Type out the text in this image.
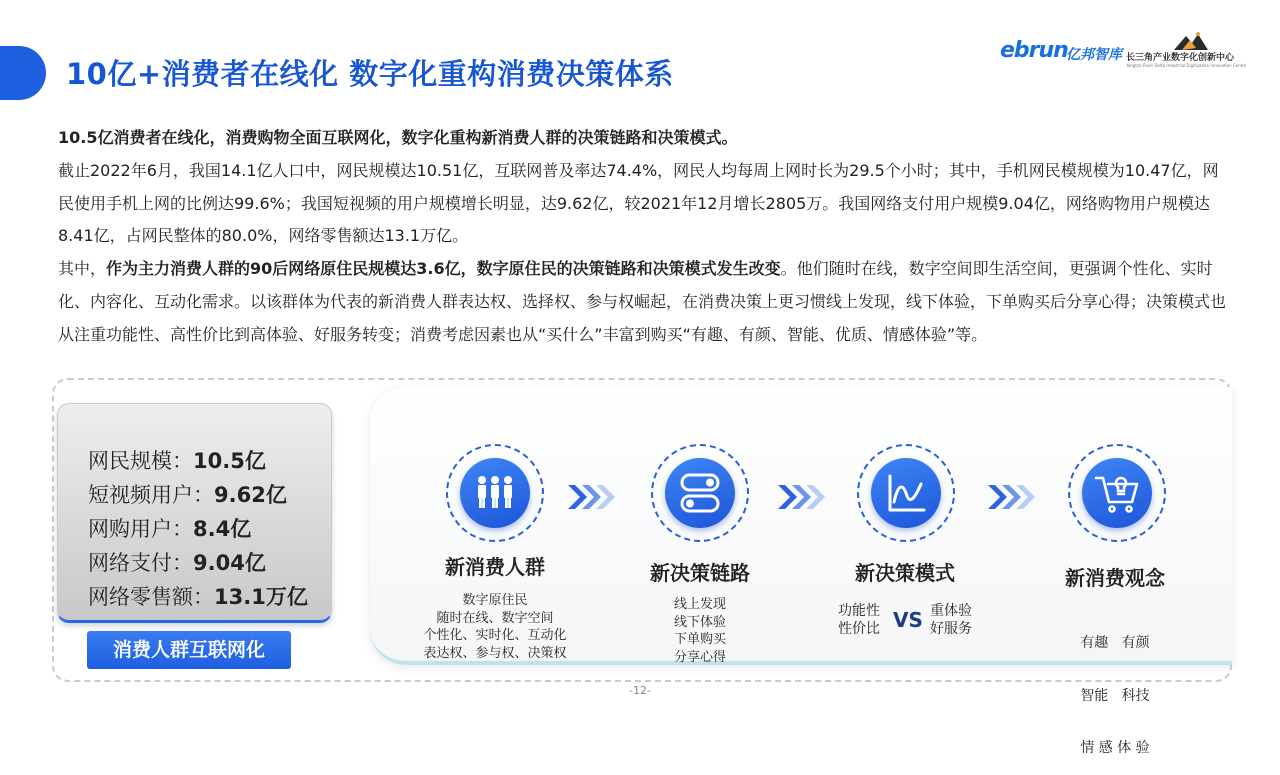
10亿+消费者在线化 数字化重构消费决策体系
ebrun
亿邦智库 长三角产业数字化创新中心
Yangtze River Delta Industrial Digitization Innovation Centre
10.5亿消费者在线化，消费购物全面互联网化，数字化重构新消费人群的决策链路和决策模式。
截止2022年6月，我国14.1亿人口中，网民规模达10.51亿，互联网普及率达74.4%，网民人均每周上网时长为29.5个小时；其中，手机网民模规模为10.47亿，网民使用手机上网的比例达99.6%；我国短视频的用户规模增长明显，达9.62亿，较2021年12月增长2805万。我国网络支付用户规模9.04亿，网络购物用户规模达8.41亿，占网民整体的80.0%，网络零售额达13.1万亿。
其中，作为主力消费人群的90后网络原住民规模达3.6亿，数字原住民的决策链路和决策模式发生改变。他们随时在线，数字空间即生活空间，更强调个性化、实时化、内容化、互动化需求。以该群体为代表的新消费人群表达权、选择权、参与权崛起，在消费决策上更习惯线上发现，线下体验，下单购买后分享心得；决策模式也从注重功能性、高性价比到高体验、好服务转变；消费考虑因素也从“买什么”丰富到购买“有趣、有颜、智能、优质、情感体验”等。
网民规模：10.5亿
短视频用户：9.62亿
网购用户：8.4亿
网络支付：9.04亿
网络零售额：13.1万亿
消费人群互联网化
新消费人群
数字原住民
随时在线、数字空间
个性化、实时化、互动化
表达权、参与权、决策权
新决策链路
线上发现
线下体验
下单购买
分享心得
新决策模式
功能性
性价比 VS 重体验
好服务
新消费观念

有趣   有颜

智能   科技

情 感 体 验

-12-
